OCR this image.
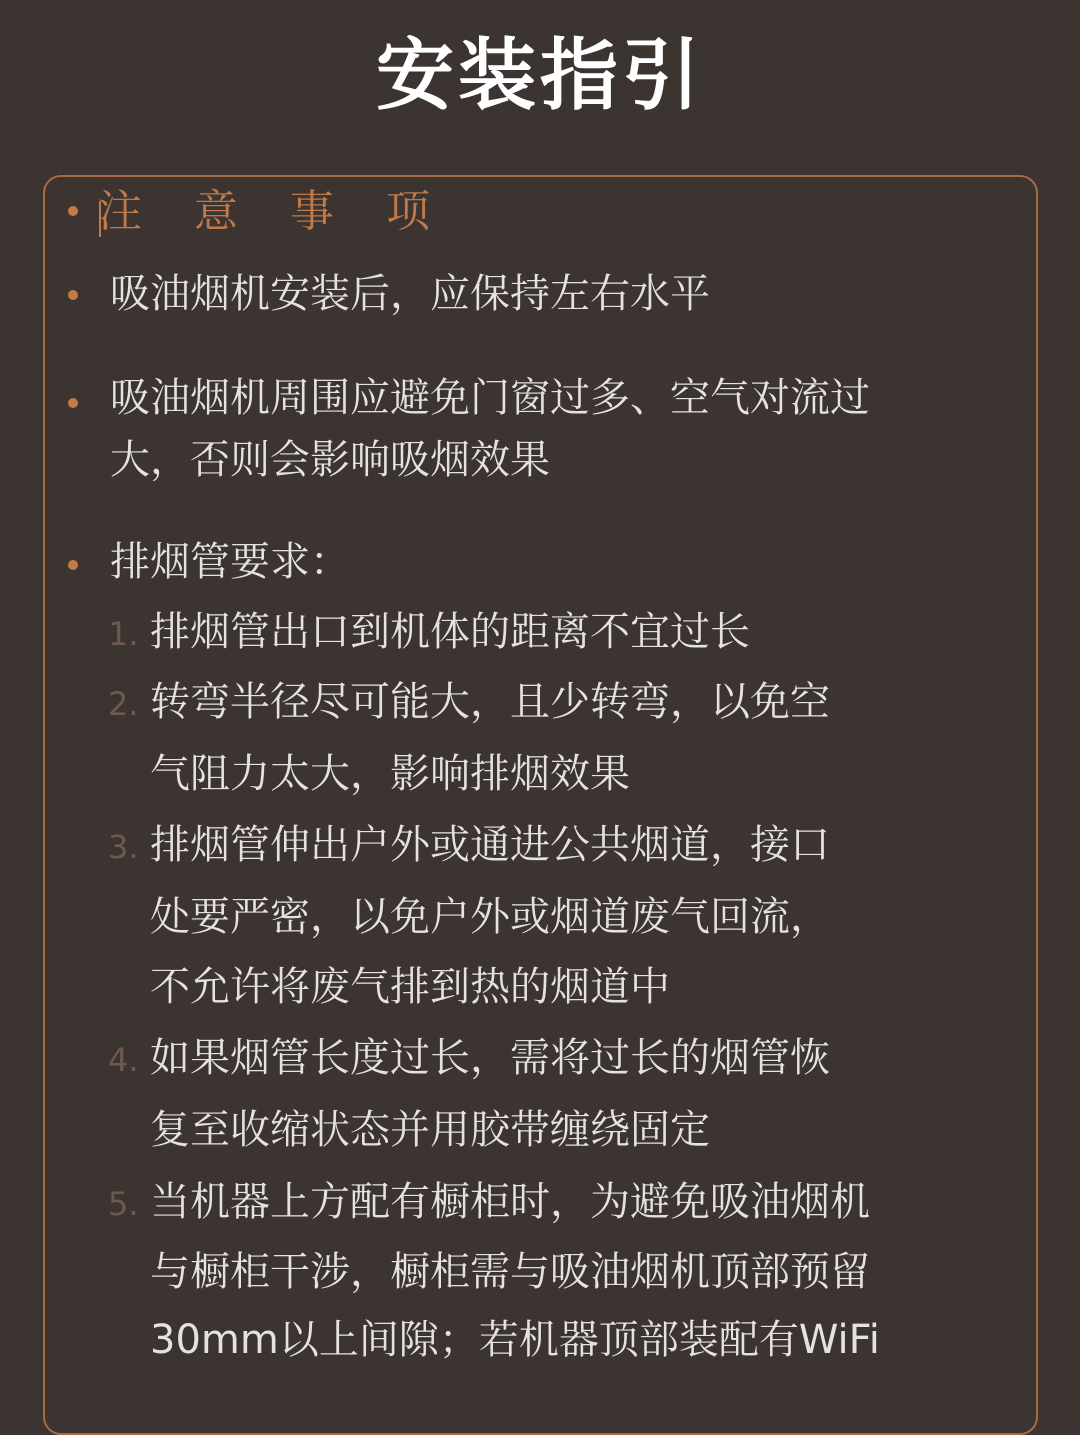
安装指引
注意事项
吸油烟机安装后，应保持左右水平
吸油烟机周围应避免门窗过多、空气对流过
大，否则会影响吸烟效果
排烟管要求：
1. 排烟管出口到机体的距离不宜过长
2. 转弯半径尽可能大，且少转弯，以免空
气阻力太大，影响排烟效果
3. 排烟管伸出户外或通进公共烟道，接口
处要严密，以免户外或烟道废气回流，
不允许将废气排到热的烟道中
4. 如果烟管长度过长，需将过长的烟管恢
复至收缩状态并用胶带缠绕固定
5. 当机器上方配有橱柜时，为避免吸油烟机
与橱柜干涉，橱柜需与吸油烟机顶部预留
30mm以上间隙；若机器顶部装配有WiFi
